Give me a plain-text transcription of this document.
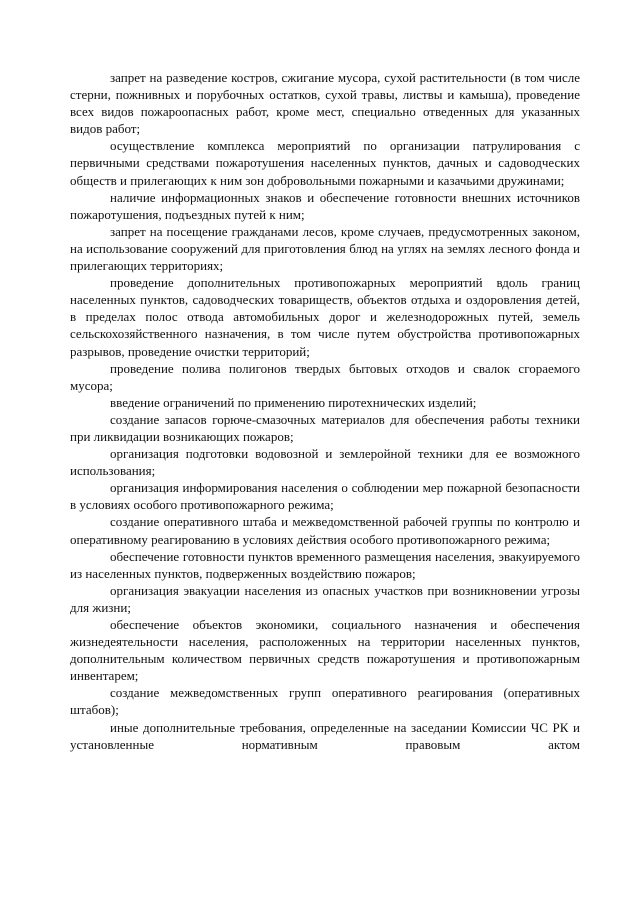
запрет на разведение костров, сжигание мусора, сухой растительности (в том числе стерни, пожнивных и порубочных остатков, сухой травы, листвы и камыша), проведение всех видов пожароопасных работ, кроме мест, специально отведенных для указанных видов работ;

осуществление комплекса мероприятий по организации патрулирования с первичными средствами пожаротушения населенных пунктов, дачных и садоводческих обществ и прилегающих к ним зон добровольными пожарными и казачьими дружинами;

наличие информационных знаков и обеспечение готовности внешних источников пожаротушения, подъездных путей к ним;

запрет на посещение гражданами лесов, кроме случаев, предусмотренных законом, на использование сооружений для приготовления блюд на углях на землях лесного фонда и прилегающих территориях;

проведение дополнительных противопожарных мероприятий вдоль границ населенных пунктов, садоводческих товариществ, объектов отдыха и оздоровления детей, в пределах полос отвода автомобильных дорог и железнодорожных путей, земель сельскохозяйственного назначения, в том числе путем обустройства противопожарных разрывов, проведение очистки территорий;

проведение полива полигонов твердых бытовых отходов и свалок сгораемого мусора;

введение ограничений по применению пиротехнических изделий;

создание запасов горюче-смазочных материалов для обеспечения работы техники при ликвидации возникающих пожаров;

организация подготовки водовозной и землеройной техники для ее возможного использования;

организация информирования населения о соблюдении мер пожарной безопасности в условиях особого противопожарного режима;

создание оперативного штаба и межведомственной рабочей группы по контролю и оперативному реагированию в условиях действия особого противопожарного режима;

обеспечение готовности пунктов временного размещения населения, эвакуируемого из населенных пунктов, подверженных воздействию пожаров;

организация эвакуации населения из опасных участков при возникновении угрозы для жизни;

обеспечение объектов экономики, социального назначения и обеспечения жизнедеятельности населения, расположенных на территории населенных пунктов, дополнительным количеством первичных средств пожаротушения и противопожарным инвентарем;

создание межведомственных групп оперативного реагирования (оперативных штабов);

иные дополнительные требования, определенные на заседании Комиссии ЧС РК и установленные нормативным правовым актом
